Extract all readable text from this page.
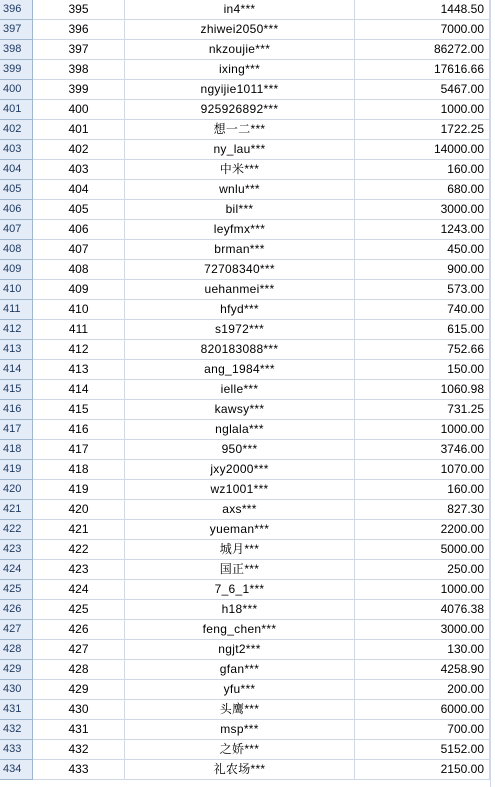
396	395	in4***	1448.50
397	396	zhiwei2050***	7000.00
398	397	nkzoujie***	86272.00
399	398	ixing***	17616.66
400	399	ngyijie1011***	5467.00
401	400	925926892***	1000.00
402	401	想一二***	1722.25
403	402	ny_lau***	14000.00
404	403	中米***	160.00
405	404	wnlu***	680.00
406	405	bil***	3000.00
407	406	leyfmx***	1243.00
408	407	brman***	450.00
409	408	72708340***	900.00
410	409	uehanmei***	573.00
411	410	hfyd***	740.00
412	411	s1972***	615.00
413	412	820183088***	752.66
414	413	ang_1984***	150.00
415	414	ielle***	1060.98
416	415	kawsy***	731.25
417	416	nglala***	1000.00
418	417	950***	3746.00
419	418	jxy2000***	1070.00
420	419	wz1001***	160.00
421	420	axs***	827.30
422	421	yueman***	2200.00
423	422	城月***	5000.00
424	423	国正***	250.00
425	424	7_6_1***	1000.00
426	425	h18***	4076.38
427	426	feng_chen***	3000.00
428	427	ngjt2***	130.00
429	428	gfan***	4258.90
430	429	yfu***	200.00
431	430	头鹰***	6000.00
432	431	msp***	700.00
433	432	之娇***	5152.00
434	433	礼农场***	2150.00
